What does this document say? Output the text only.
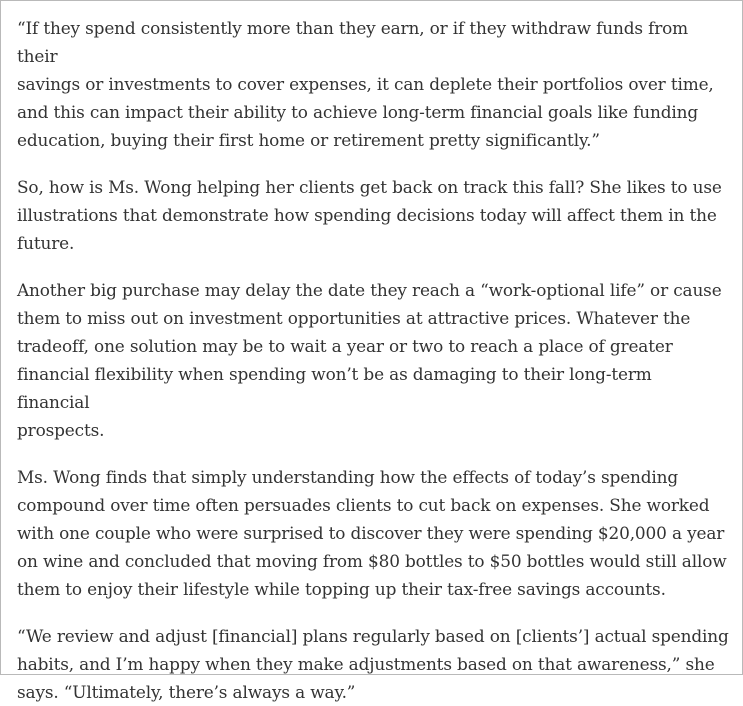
“If they spend consistently more than they earn, or if they withdraw funds from their
savings or investments to cover expenses, it can deplete their portfolios over time,
and this can impact their ability to achieve long-term financial goals like funding
education, buying their first home or retirement pretty significantly.”

So, how is Ms. Wong helping her clients get back on track this fall? She likes to use
illustrations that demonstrate how spending decisions today will affect them in the
future.

Another big purchase may delay the date they reach a “work-optional life” or cause
them to miss out on investment opportunities at attractive prices. Whatever the
tradeoff, one solution may be to wait a year or two to reach a place of greater
financial flexibility when spending won’t be as damaging to their long-term financial
prospects.

Ms. Wong finds that simply understanding how the effects of today’s spending
compound over time often persuades clients to cut back on expenses. She worked
with one couple who were surprised to discover they were spending $20,000 a year
on wine and concluded that moving from $80 bottles to $50 bottles would still allow
them to enjoy their lifestyle while topping up their tax-free savings accounts.

“We review and adjust [financial] plans regularly based on [clients’] actual spending
habits, and I’m happy when they make adjustments based on that awareness,” she
says. “Ultimately, there’s always a way.”
